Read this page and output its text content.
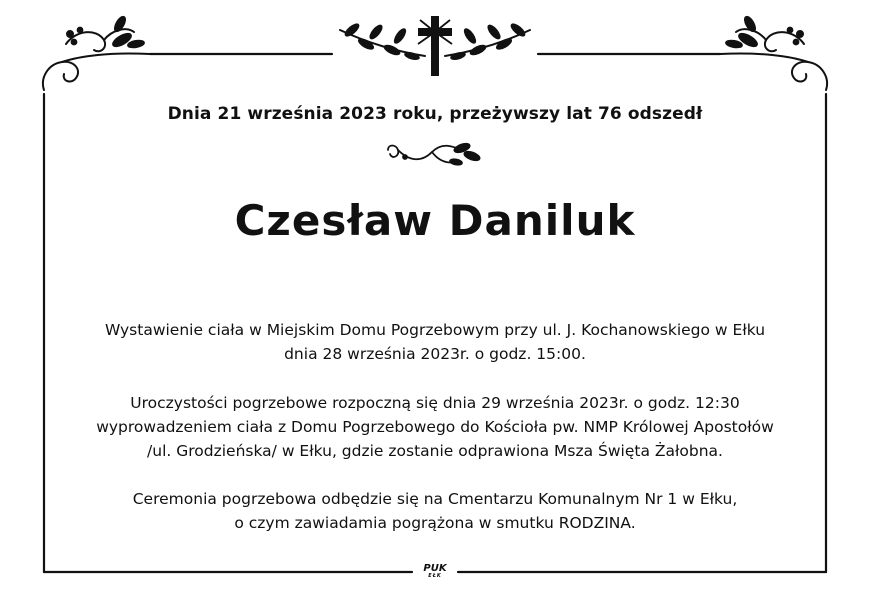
Dnia 21 września 2023 roku, przeżywszy lat 76 odszedł
Czesław Daniluk
Wystawienie ciała w Miejskim Domu Pogrzebowym przy ul. J. Kochanowskiego w Ełku
dnia 28 września 2023r. o godz. 15:00.
Uroczystości pogrzebowe rozpoczną się dnia 29 września 2023r. o godz. 12:30
wyprowadzeniem ciała z Domu Pogrzebowego do Kościoła pw. NMP Królowej Apostołów
/ul. Grodzieńska/ w Ełku, gdzie zostanie odprawiona Msza Święta Żałobna.
Ceremonia pogrzebowa odbędzie się na Cmentarzu Komunalnym Nr 1 w Ełku,
o czym zawiadamia pogrążona w smutku RODZINA.
PUK
EŁK
